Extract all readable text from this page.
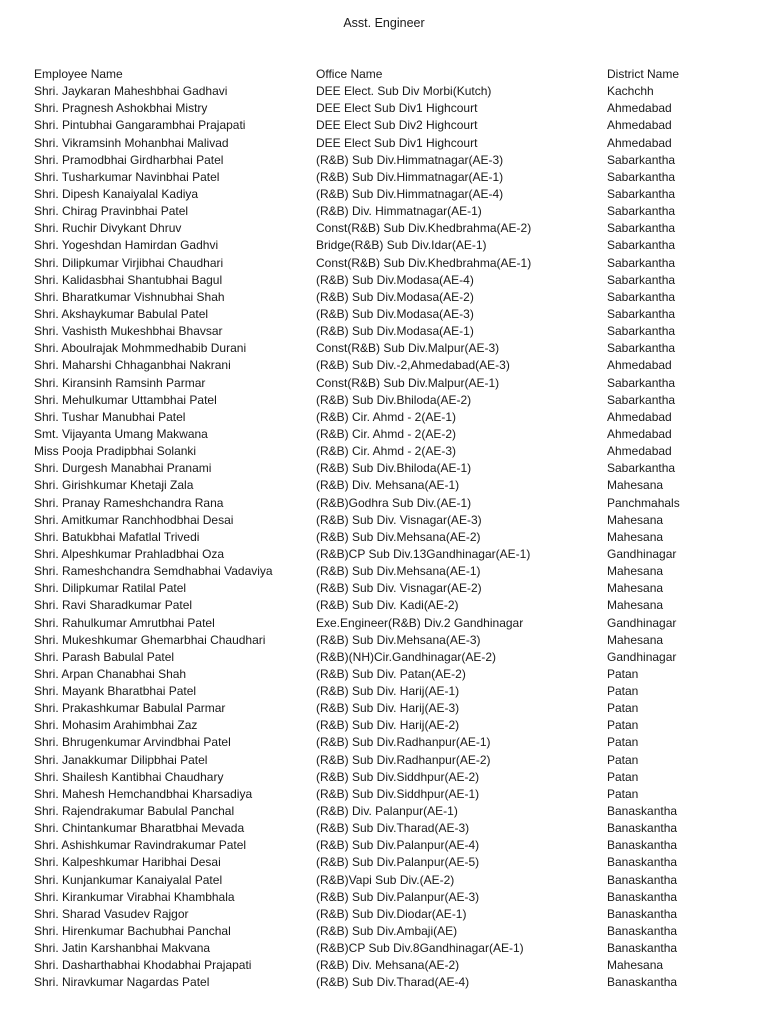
Asst. Engineer
Employee Name	Office Name	District Name
Shri. Jaykaran Maheshbhai Gadhavi	DEE Elect. Sub Div Morbi(Kutch)	Kachchh
Shri. Pragnesh Ashokbhai Mistry	DEE Elect Sub Div1 Highcourt	Ahmedabad
Shri. Pintubhai Gangarambhai Prajapati	DEE Elect Sub Div2 Highcourt	Ahmedabad
Shri. Vikramsinh Mohanbhai Malivad	DEE Elect Sub Div1 Highcourt	Ahmedabad
Shri. Pramodbhai Girdharbhai Patel	(R&B) Sub Div.Himmatnagar(AE-3)	Sabarkantha
Shri. Tusharkumar Navinbhai Patel	(R&B) Sub Div.Himmatnagar(AE-1)	Sabarkantha
Shri. Dipesh Kanaiyalal Kadiya	(R&B) Sub Div.Himmatnagar(AE-4)	Sabarkantha
Shri. Chirag Pravinbhai Patel	(R&B) Div. Himmatnagar(AE-1)	Sabarkantha
Shri. Ruchir Divykant Dhruv	Const(R&B) Sub Div.Khedbrahma(AE-2)	Sabarkantha
Shri. Yogeshdan Hamirdan Gadhvi	Bridge(R&B) Sub Div.Idar(AE-1)	Sabarkantha
Shri. Dilipkumar Virjibhai Chaudhari	Const(R&B) Sub Div.Khedbrahma(AE-1)	Sabarkantha
Shri. Kalidasbhai Shantubhai Bagul	(R&B) Sub Div.Modasa(AE-4)	Sabarkantha
Shri. Bharatkumar Vishnubhai Shah	(R&B) Sub Div.Modasa(AE-2)	Sabarkantha
Shri. Akshaykumar Babulal Patel	(R&B) Sub Div.Modasa(AE-3)	Sabarkantha
Shri. Vashisth Mukeshbhai Bhavsar	(R&B) Sub Div.Modasa(AE-1)	Sabarkantha
Shri. Aboulrajak Mohmmedhabib Durani	Const(R&B) Sub Div.Malpur(AE-3)	Sabarkantha
Shri. Maharshi Chhaganbhai Nakrani	(R&B) Sub Div.-2,Ahmedabad(AE-3)	Ahmedabad
Shri. Kiransinh Ramsinh Parmar	Const(R&B) Sub Div.Malpur(AE-1)	Sabarkantha
Shri. Mehulkumar Uttambhai Patel	(R&B) Sub Div.Bhiloda(AE-2)	Sabarkantha
Shri. Tushar Manubhai Patel	(R&B) Cir. Ahmd - 2(AE-1)	Ahmedabad
Smt. Vijayanta Umang Makwana	(R&B) Cir. Ahmd - 2(AE-2)	Ahmedabad
Miss Pooja Pradipbhai Solanki	(R&B) Cir. Ahmd - 2(AE-3)	Ahmedabad
Shri. Durgesh Manabhai Pranami	(R&B) Sub Div.Bhiloda(AE-1)	Sabarkantha
Shri. Girishkumar Khetaji Zala	(R&B) Div. Mehsana(AE-1)	Mahesana
Shri. Pranay Rameshchandra Rana	(R&B)Godhra Sub Div.(AE-1)	Panchmahals
Shri. Amitkumar Ranchhodbhai Desai	(R&B) Sub Div. Visnagar(AE-3)	Mahesana
Shri. Batukbhai Mafatlal Trivedi	(R&B) Sub Div.Mehsana(AE-2)	Mahesana
Shri. Alpeshkumar Prahladbhai Oza	(R&B)CP Sub Div.13Gandhinagar(AE-1)	Gandhinagar
Shri. Rameshchandra Semdhabhai Vadaviya	(R&B) Sub Div.Mehsana(AE-1)	Mahesana
Shri. Dilipkumar Ratilal Patel	(R&B) Sub Div. Visnagar(AE-2)	Mahesana
Shri. Ravi Sharadkumar Patel	(R&B) Sub Div. Kadi(AE-2)	Mahesana
Shri. Rahulkumar Amrutbhai Patel	Exe.Engineer(R&B) Div.2 Gandhinagar	Gandhinagar
Shri. Mukeshkumar Ghemarbhai Chaudhari	(R&B) Sub Div.Mehsana(AE-3)	Mahesana
Shri. Parash Babulal Patel	(R&B)(NH)Cir.Gandhinagar(AE-2)	Gandhinagar
Shri. Arpan Chanabhai Shah	(R&B) Sub Div. Patan(AE-2)	Patan
Shri. Mayank Bharatbhai Patel	(R&B) Sub Div. Harij(AE-1)	Patan
Shri. Prakashkumar Babulal Parmar	(R&B) Sub Div. Harij(AE-3)	Patan
Shri. Mohasim Arahimbhai Zaz	(R&B) Sub Div. Harij(AE-2)	Patan
Shri. Bhrugenkumar Arvindbhai Patel	(R&B) Sub Div.Radhanpur(AE-1)	Patan
Shri. Janakkumar Dilipbhai Patel	(R&B) Sub Div.Radhanpur(AE-2)	Patan
Shri. Shailesh Kantibhai Chaudhary	(R&B) Sub Div.Siddhpur(AE-2)	Patan
Shri. Mahesh Hemchandbhai Kharsadiya	(R&B) Sub Div.Siddhpur(AE-1)	Patan
Shri. Rajendrakumar Babulal Panchal	(R&B) Div. Palanpur(AE-1)	Banaskantha
Shri. Chintankumar Bharatbhai Mevada	(R&B) Sub Div.Tharad(AE-3)	Banaskantha
Shri. Ashishkumar Ravindrakumar Patel	(R&B) Sub Div.Palanpur(AE-4)	Banaskantha
Shri. Kalpeshkumar Haribhai Desai	(R&B) Sub Div.Palanpur(AE-5)	Banaskantha
Shri. Kunjankumar Kanaiyalal Patel	(R&B)Vapi Sub Div.(AE-2)	Banaskantha
Shri. Kirankumar Virabhai Khambhala	(R&B) Sub Div.Palanpur(AE-3)	Banaskantha
Shri. Sharad Vasudev Rajgor	(R&B) Sub Div.Diodar(AE-1)	Banaskantha
Shri. Hirenkumar Bachubhai Panchal	(R&B) Sub Div.Ambaji(AE)	Banaskantha
Shri. Jatin Karshanbhai Makvana	(R&B)CP Sub Div.8Gandhinagar(AE-1)	Banaskantha
Shri. Dasharthabhai Khodabhai Prajapati	(R&B) Div. Mehsana(AE-2)	Mahesana
Shri. Niravkumar Nagardas Patel	(R&B) Sub Div.Tharad(AE-4)	Banaskantha
